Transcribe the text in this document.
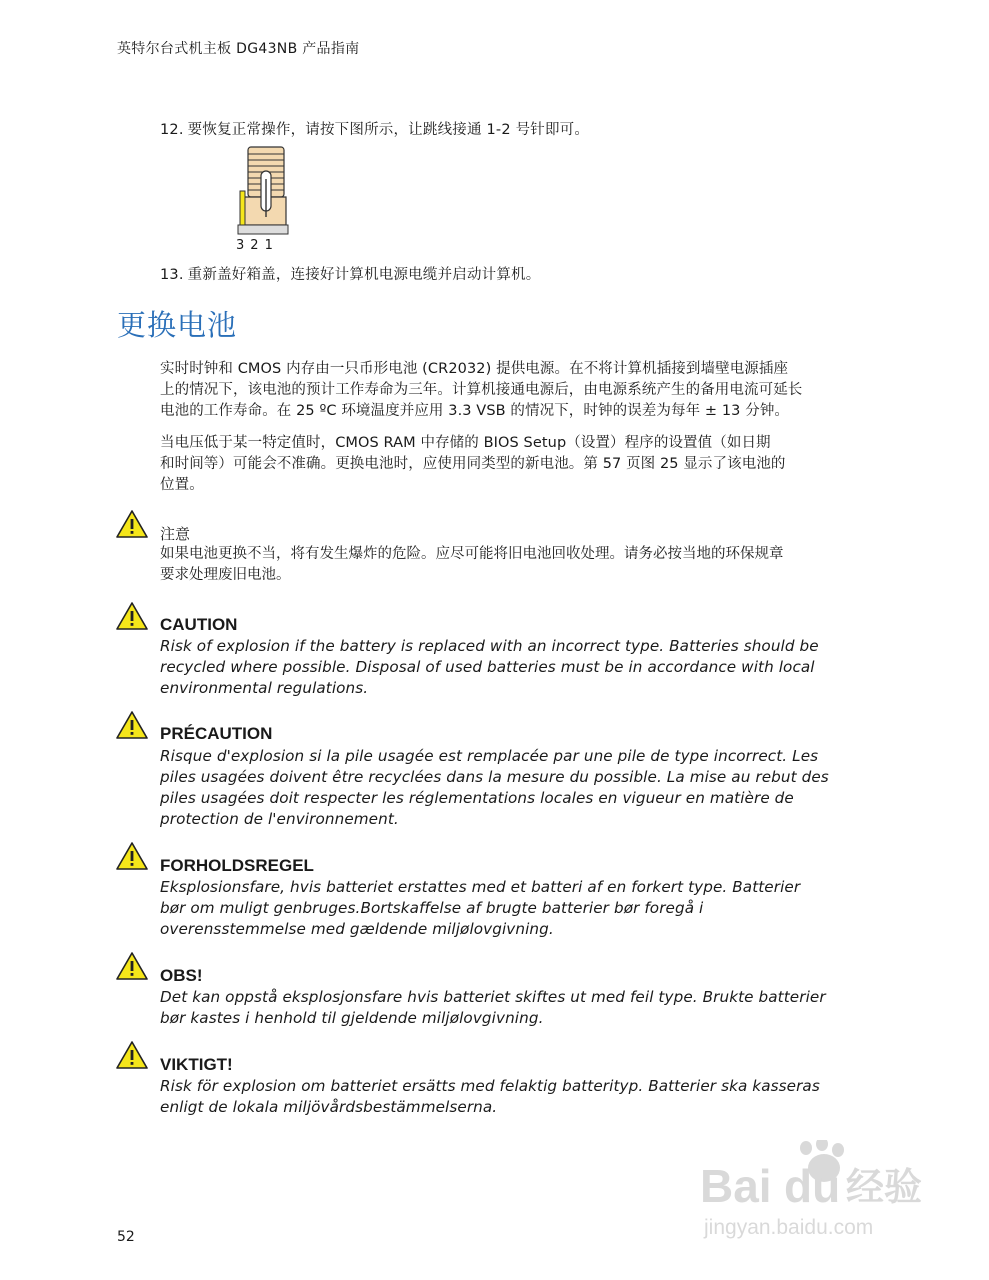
英特尔台式机主板 DG43NB 产品指南
12. 要恢复正常操作，请按下图所示，让跳线接通 1-2 号针即可。
321
13. 重新盖好箱盖，连接好计算机电源电缆并启动计算机。
更换电池
实时时钟和 CMOS 内存由一只币形电池 (CR2032) 提供电源。在不将计算机插接到墙壁电源插座
上的情况下，该电池的预计工作寿命为三年。计算机接通电源后，由电源系统产生的备用电流可延长
电池的工作寿命。在 25 ºC 环境温度并应用 3.3 VSB 的情况下，时钟的误差为每年 ± 13 分钟。
当电压低于某一特定值时，CMOS RAM 中存储的 BIOS Setup（设置）程序的设置值（如日期
和时间等）可能会不准确。更换电池时，应使用同类型的新电池。第 57 页图 25 显示了该电池的
位置。
注意
如果电池更换不当，将有发生爆炸的危险。应尽可能将旧电池回收处理。请务必按当地的环保规章
要求处理废旧电池。
CAUTION
Risk of explosion if the battery is replaced with an incorrect type. Batteries should be
recycled where possible. Disposal of used batteries must be in accordance with local
environmental regulations.
PRÉCAUTION
Risque d'explosion si la pile usagée est remplacée par une pile de type incorrect. Les
piles usagées doivent être recyclées dans la mesure du possible. La mise au rebut des
piles usagées doit respecter les réglementations locales en vigueur en matière de
protection de l'environnement.
FORHOLDSREGEL
Eksplosionsfare, hvis batteriet erstattes med et batteri af en forkert type. Batterier
bør om muligt genbruges.Bortskaffelse af brugte batterier bør foregå i
overensstemmelse med gældende miljølovgivning.
OBS!
Det kan oppstå eksplosjonsfare hvis batteriet skiftes ut med feil type. Brukte batterier
bør kastes i henhold til gjeldende miljølovgivning.
VIKTIGT!
Risk för explosion om batteriet ersätts med felaktig batterityp. Batterier ska kasseras
enligt de lokala miljövårdsbestämmelserna.
Bai du 经验
jingyan.baidu.com
52
